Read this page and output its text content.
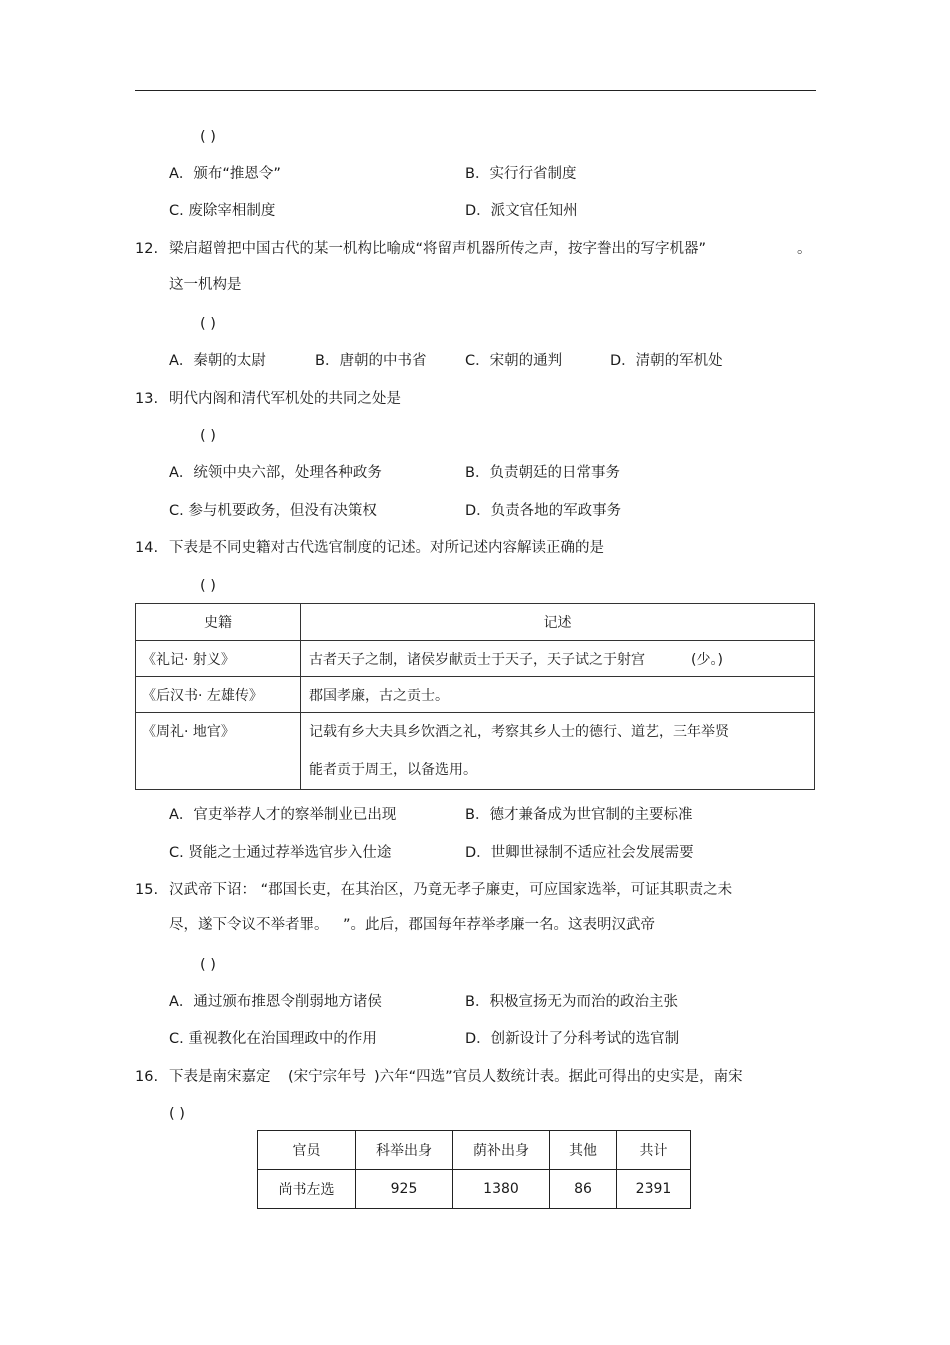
( )
A．颁布“推恩令”	B．实行行省制度
C. 废除宰相制度	D．派文官任知州
12. 梁启超曾把中国古代的某一机构比喻成“将留声机器所传之声，按字誊出的写字机器”	。
这一机构是
( )
A．秦朝的太尉	B．唐朝的中书省	C．宋朝的通判	D．清朝的军机处
13. 明代内阁和清代军机处的共同之处是
( )
A．统领中央六部，处理各种政务	B．负责朝廷的日常事务
C. 参与机要政务，但没有决策权	D．负责各地的军政事务
14. 下表是不同史籍对古代选官制度的记述。对所记述内容解读正确的是
( )
史籍	记述
《礼记· 射义》	古者天子之制，诸侯岁献贡士于天子，天子试之于射宫 (少。)
《后汉书· 左雄传》	郡国孝廉，古之贡士。
《周礼· 地官》	记载有乡大夫具乡饮酒之礼，考察其乡人士的德行、道艺，三年举贤
能者贡于周王，以备选用。
A．官吏举荐人才的察举制业已出现	B．德才兼备成为世官制的主要标准
C. 贤能之士通过荐举选官步入仕途	D．世卿世禄制不适应社会发展需要
15. 汉武帝下诏： “郡国长吏，在其治区，乃竟无孝子廉吏，可应国家选举，可证其职责之未
尽，遂下令议不举者罪。 ”。此后，郡国每年荐举孝廉一名。这表明汉武帝
( )
A．通过颁布推恩令削弱地方诸侯	B．积极宣扬无为而治的政治主张
C. 重视教化在治国理政中的作用	D．创新设计了分科考试的选官制
16. 下表是南宋嘉定 (宋宁宗年号 )六年“四选”官员人数统计表。据此可得出的史实是，南宋
( )
官员	科举出身	荫补出身	其他	共计
尚书左选	925	1380	86	2391
